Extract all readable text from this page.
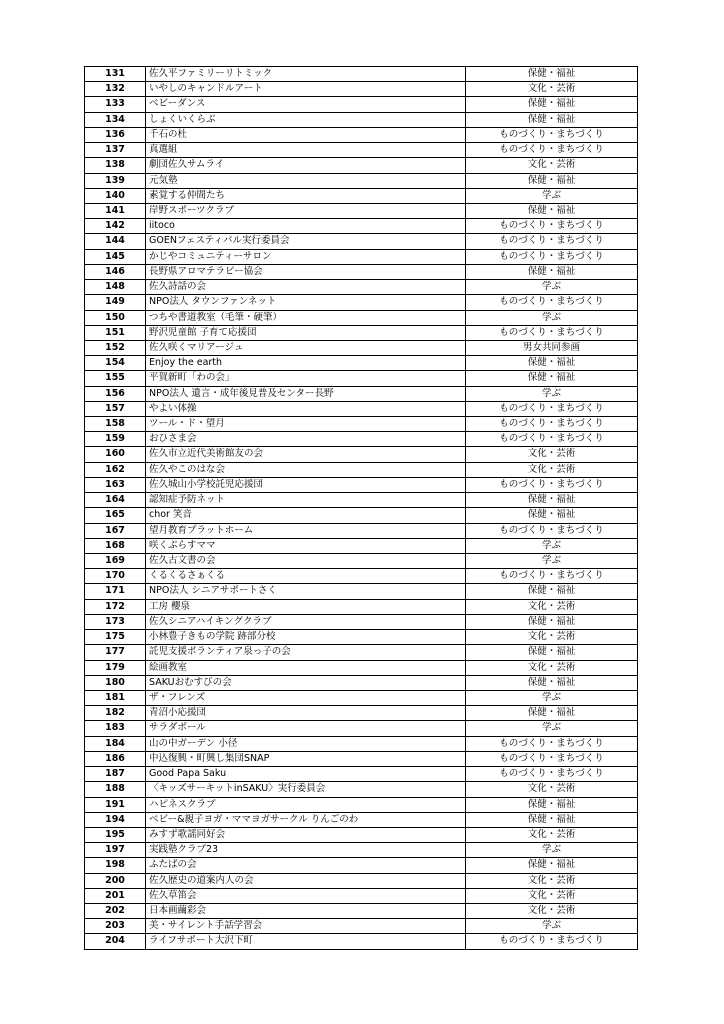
131	佐久平ファミリーリトミック	保健・福祉
132	いやしのキャンドルアート	文化・芸術
133	ベビーダンス	保健・福祉
134	しょくいくらぶ	保健・福祉
136	千石の杜	ものづくり・まちづくり
137	真選組	ものづくり・まちづくり
138	劇団佐久サムライ	文化・芸術
139	元気塾	保健・福祉
140	素覚する仲間たち	学ぶ
141	岸野スポーツクラブ	保健・福祉
142	iitoco	ものづくり・まちづくり
144	GOENフェスティバル実行委員会	ものづくり・まちづくり
145	かじやコミュニティーサロン	ものづくり・まちづくり
146	長野県アロマテラピー協会	保健・福祉
148	佐久詩話の会	学ぶ
149	NPO法人 タウンファンネット	ものづくり・まちづくり
150	つちや書道教室（毛筆・硬筆）	学ぶ
151	野沢児童館 子育て応援団	ものづくり・まちづくり
152	佐久咲くマリアージュ	男女共同参画
154	Enjoy the earth	保健・福祉
155	平賀新町「わの会」	保健・福祉
156	NPO法人 遺言・成年後見普及センター長野	学ぶ
157	やよい体操	ものづくり・まちづくり
158	ツール・ド・望月	ものづくり・まちづくり
159	おひさま会	ものづくり・まちづくり
160	佐久市立近代美術館友の会	文化・芸術
162	佐久やこのはな会	文化・芸術
163	佐久城山小学校託児応援団	ものづくり・まちづくり
164	認知症予防ネット	保健・福祉
165	chor 笑音	保健・福祉
167	望月教育プラットホーム	ものづくり・まちづくり
168	咲くぷらすママ	学ぶ
169	佐久古文書の会	学ぶ
170	くるくるさぁくる	ものづくり・まちづくり
171	NPO法人 シニアサポートさく	保健・福祉
172	工房 櫻泉	文化・芸術
173	佐久シニアハイキングクラブ	保健・福祉
175	小林豊子きもの学院 跡部分校	文化・芸術
177	託児支援ボランティア泉っ子の会	保健・福祉
179	絵画教室	文化・芸術
180	SAKUおむすびの会	保健・福祉
181	ザ・フレンズ	学ぶ
182	青沼小応援団	保健・福祉
183	サラダボール	学ぶ
184	山の中ガーデン 小径	ものづくり・まちづくり
186	中込復興・町興し集団SNAP	ものづくり・まちづくり
187	Good Papa Saku	ものづくり・まちづくり
188	〈キッズサーキットinSAKU〉実行委員会	文化・芸術
191	ハピネスクラブ	保健・福祉
194	ベビー&親子ヨガ・ママヨガサークル りんごのわ	保健・福祉
195	みすず歌謡同好会	文化・芸術
197	実践塾クラブ23	学ぶ
198	ふたばの会	保健・福祉
200	佐久歴史の道案内人の会	文化・芸術
201	佐久草笛会	文化・芸術
202	日本画繭彩会	文化・芸術
203	美・サイレント手話学習会	学ぶ
204	ライフサポート大沢下町	ものづくり・まちづくり
